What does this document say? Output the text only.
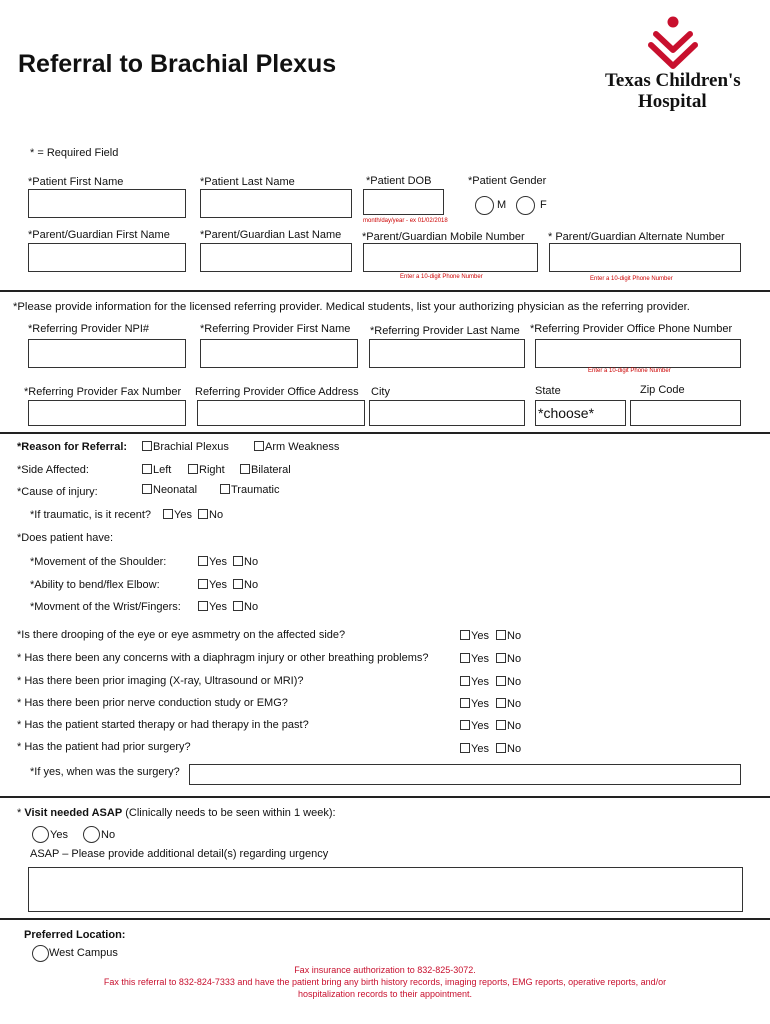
Referral to Brachial Plexus
Texas Children's
Hospital
* = Required Field
*Patient First Name	*Patient Last Name	*Patient DOB
month/day/year - ex 01/02/2018
*Patient Gender
M	F
*Parent/Guardian First Name	*Parent/Guardian Last Name *Parent/Guardian Mobile Number
Enter a 10-digit Phone Number
* Parent/Guardian Alternate Number
Enter a 10-digit Phone Number
*Please provide information for the licensed referring provider. Medical students, list your authorizing physician as the referring provider.
*Referring Provider NPI#	*Referring Provider First Name *Referring Provider Last Name *Referring Provider Office Phone Number
Enter a 10-digit Phone Number
*Referring Provider Fax Number Referring Provider Office Address City	State	Zip Code
*choose*
*Reason for Referral:	Brachial Plexus	Arm Weakness
*Side Affected:	Left	Right	Bilateral
*Cause of injury:	Neonatal	Traumatic
*If traumatic, is it recent?	Yes	No
*Does patient have:
*Movement of the Shoulder:	Yes	No
*Ability to bend/flex Elbow:	Yes	No
*Movment of the Wrist/Fingers:	Yes	No
*Is there drooping of the eye or eye asmmetry on the affected side?	Yes	No
* Has there been any concerns with a diaphragm injury or other breathing problems?	Yes	No
* Has there been prior imaging (X-ray, Ultrasound or MRI)?	Yes	No
* Has there been prior nerve conduction study or EMG?	Yes	No
* Has the patient started therapy or had therapy in the past?	Yes	No
* Has the patient had prior surgery?	Yes	No
*If yes, when was the surgery?
* Visit needed ASAP (Clinically needs to be seen within 1 week):
Yes	No
ASAP – Please provide additional detail(s) regarding urgency
Preferred Location:
West Campus
Fax insurance authorization to 832-825-3072.
Fax this referral to 832-824-7333 and have the patient bring any birth history records, imaging reports, EMG reports, operative reports, and/or
hospitalization records to their appointment.
